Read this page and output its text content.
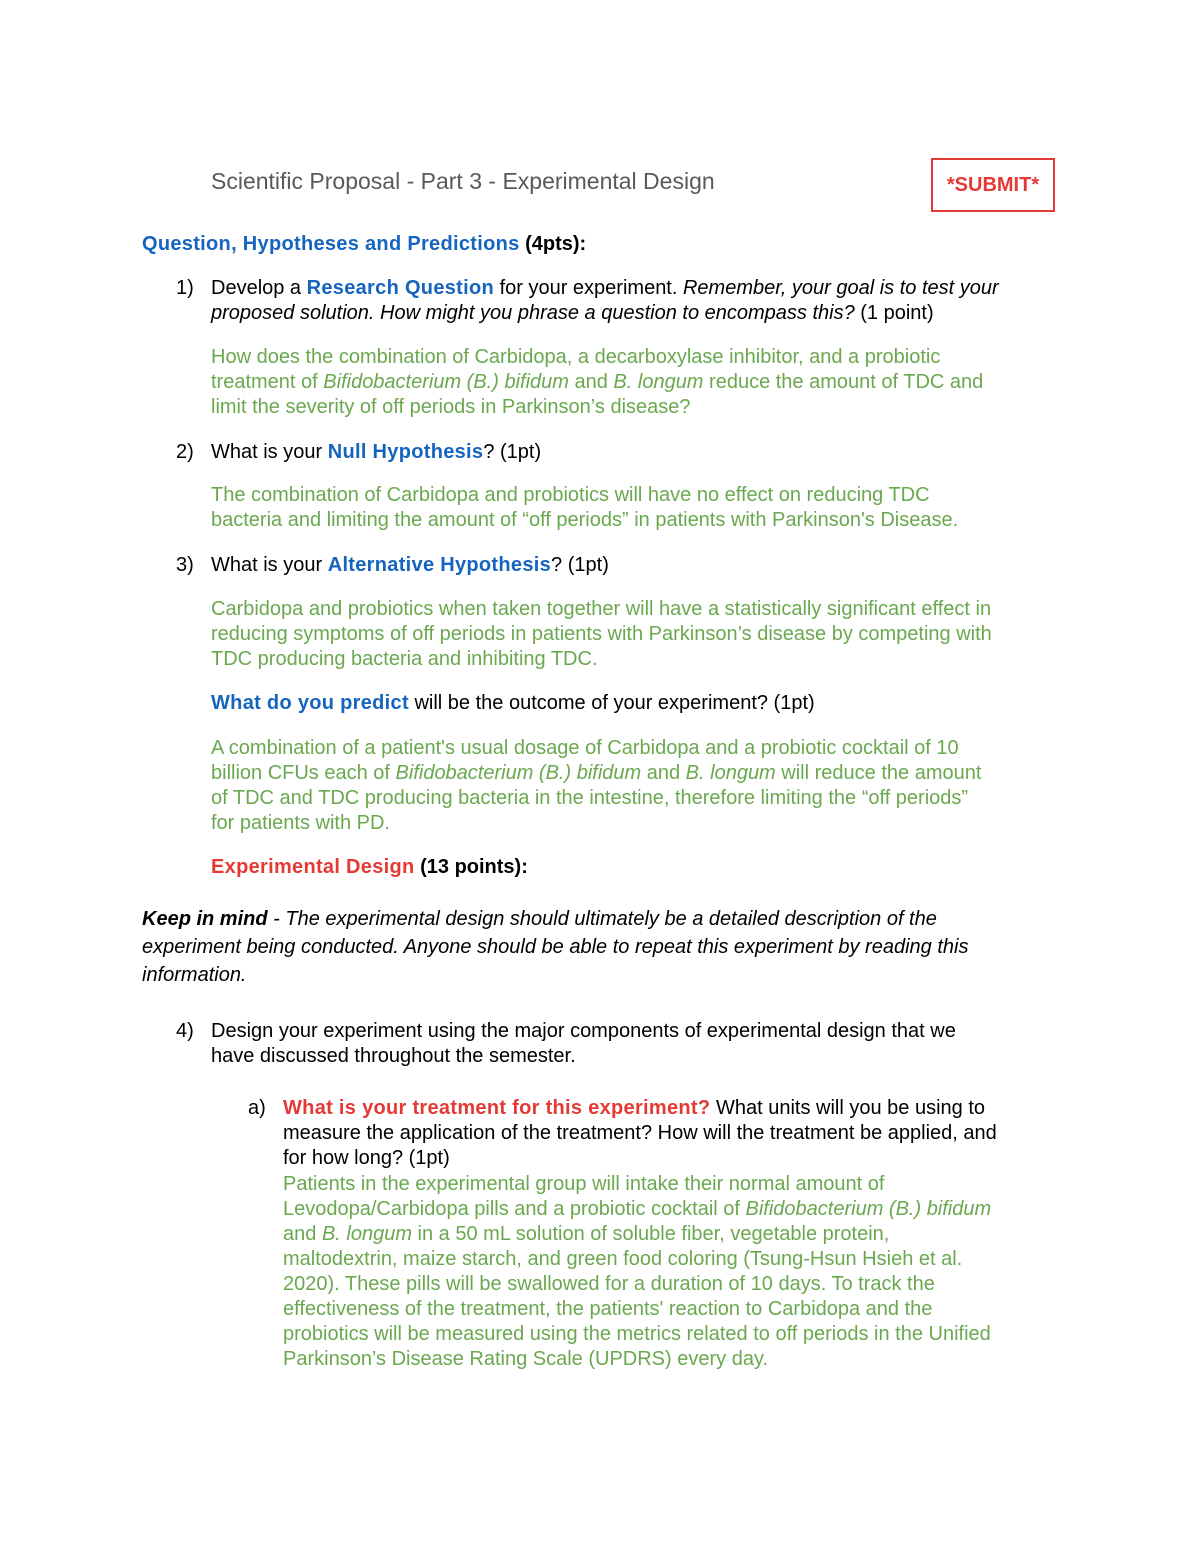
Scientific Proposal - Part 3 - Experimental Design	*SUBMIT*
Question, Hypotheses and Predictions (4pts):
1) Develop a Research Question for your experiment. Remember, your goal is to test your
proposed solution. How might you phrase a question to encompass this? (1 point)
How does the combination of Carbidopa, a decarboxylase inhibitor, and a probiotic
treatment of Bifidobacterium (B.) bifidum and B. longum reduce the amount of TDC and
limit the severity of off periods in Parkinson’s disease?
2) What is your Null Hypothesis? (1pt)
The combination of Carbidopa and probiotics will have no effect on reducing TDC
bacteria and limiting the amount of “off periods” in patients with Parkinson's Disease.
3) What is your Alternative Hypothesis? (1pt)
Carbidopa and probiotics when taken together will have a statistically significant effect in
reducing symptoms of off periods in patients with Parkinson’s disease by competing with
TDC producing bacteria and inhibiting TDC.
What do you predict will be the outcome of your experiment? (1pt)
A combination of a patient's usual dosage of Carbidopa and a probiotic cocktail of 10
billion CFUs each of Bifidobacterium (B.) bifidum and B. longum will reduce the amount
of TDC and TDC producing bacteria in the intestine, therefore limiting the “off periods”
for patients with PD.
Experimental Design (13 points):
Keep in mind - The experimental design should ultimately be a detailed description of the
experiment being conducted. Anyone should be able to repeat this experiment by reading this
information.
4) Design your experiment using the major components of experimental design that we
have discussed throughout the semester.
a) What is your treatment for this experiment? What units will you be using to
measure the application of the treatment? How will the treatment be applied, and
for how long? (1pt)
Patients in the experimental group will intake their normal amount of
Levodopa/Carbidopa pills and a probiotic cocktail of Bifidobacterium (B.) bifidum
and B. longum in a 50 mL solution of soluble fiber, vegetable protein,
maltodextrin, maize starch, and green food coloring (Tsung-Hsun Hsieh et al.
2020). These pills will be swallowed for a duration of 10 days. To track the
effectiveness of the treatment, the patients' reaction to Carbidopa and the
probiotics will be measured using the metrics related to off periods in the Unified
Parkinson’s Disease Rating Scale (UPDRS) every day.
